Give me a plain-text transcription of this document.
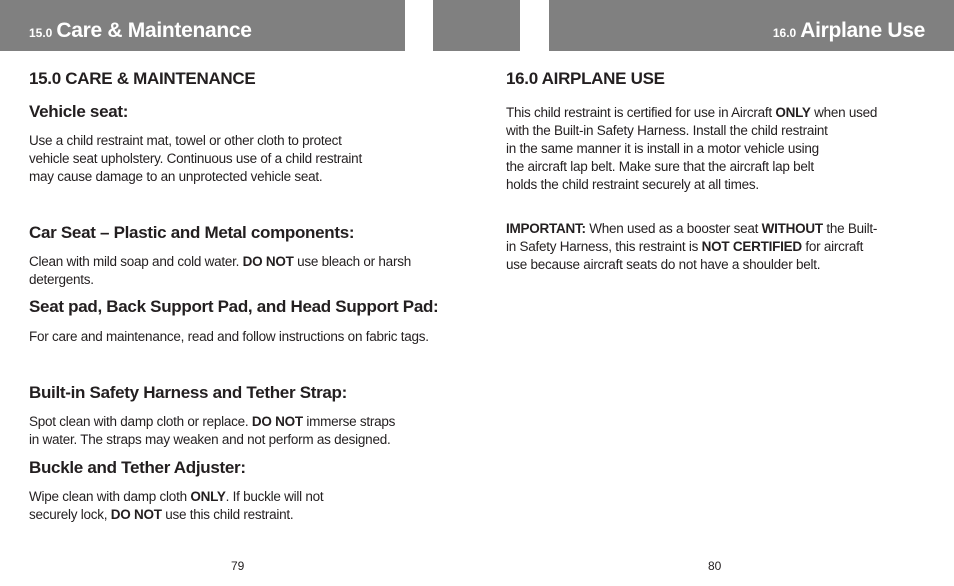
15.0 Care & Maintenance	16.0 Airplane Use
15.0 CARE & MAINTENANCE
Vehicle seat:
Use a child restraint mat, towel or other cloth to protect
vehicle seat upholstery. Continuous use of a child restraint
may cause damage to an unprotected vehicle seat.
Car Seat – Plastic and Metal components:
Clean with mild soap and cold water. DO NOT use bleach or harsh
detergents.
Seat pad, Back Support Pad, and Head Support Pad:
For care and maintenance, read and follow instructions on fabric tags.
Built-in Safety Harness and Tether Strap:
Spot clean with damp cloth or replace. DO NOT immerse straps
in water. The straps may weaken and not perform as designed.
Buckle and Tether Adjuster:
Wipe clean with damp cloth ONLY. If buckle will not
securely lock, DO NOT use this child restraint.
79
16.0 AIRPLANE USE
This child restraint is certified for use in Aircraft ONLY when used
with the Built-in Safety Harness. Install the child restraint
in the same manner it is install in a motor vehicle using
the aircraft lap belt. Make sure that the aircraft lap belt
holds the child restraint securely at all times.
IMPORTANT: When used as a booster seat WITHOUT the Built-
in Safety Harness, this restraint is NOT CERTIFIED for aircraft
use because aircraft seats do not have a shoulder belt.
80
